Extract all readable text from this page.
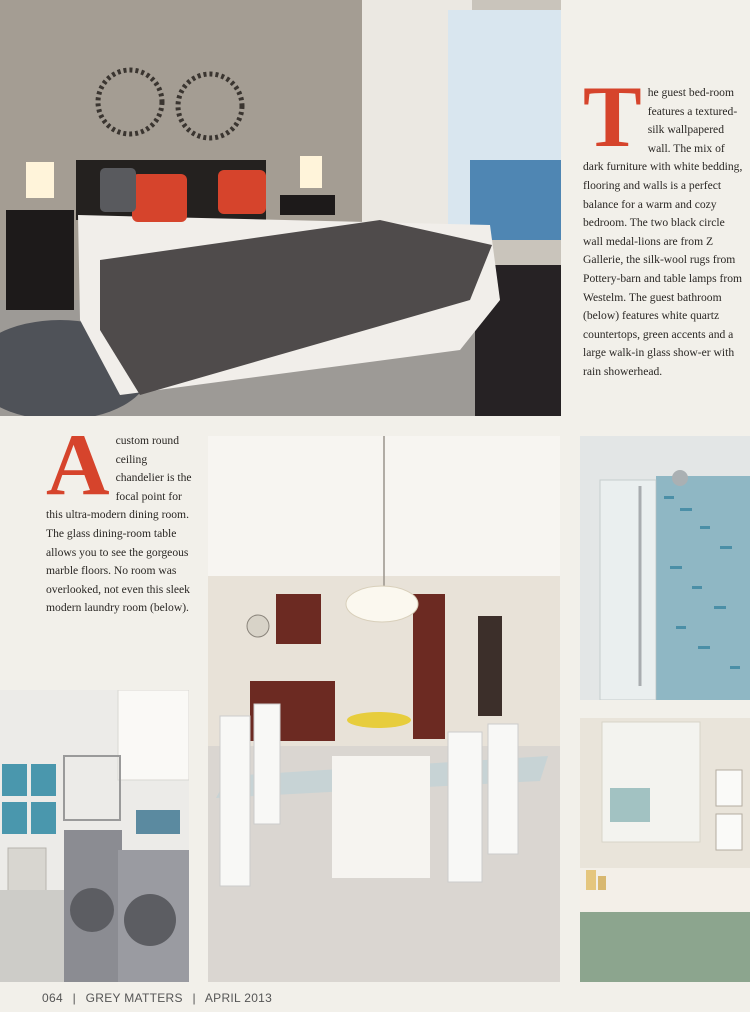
The guest bed-room features a textured- silk wallpapered wall. The mix of dark furniture with white bedding, flooring and walls is a perfect balance for a warm and cozy bedroom. The two black circle wall medal-lions are from Z Gallerie, the silk-wool rugs from Pottery-barn and table lamps from Westelm. The guest bathroom (below) features white quartz countertops, green accents and a large walk-in glass show-er with rain showerhead.
Acustom round ceiling chandelier is the focal point for this ultra-modern dining room. The glass dining-room table allows you to see the gorgeous marble floors. No room was overlooked, not even this sleek modern laundry room (below).
064 | GREY MATTERS | APRIL 2013
